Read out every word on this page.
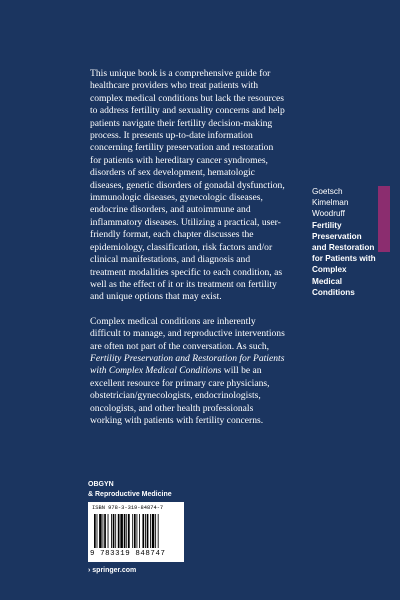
This unique book is a comprehensive guide for healthcare providers who treat patients with complex medical conditions but lack the resources to address fertility and sexuality concerns and help patients navigate their fertility decision-making process. It presents up-to-date information concerning fertility preservation and restoration for patients with hereditary cancer syndromes, disorders of sex development, hematologic diseases, genetic disorders of gonadal dysfunction, immunologic diseases, gynecologic diseases, endocrine disorders, and autoimmune and inflammatory diseases. Utilizing a practical, user-friendly format, each chapter discusses the epidemiology, classification, risk factors and/or clinical manifestations, and diagnosis and treatment modalities specific to each condition, as well as the effect of it or its treatment on fertility and unique options that may exist.

Complex medical conditions are inherently difficult to manage, and reproductive interventions are often not part of the conversation. As such, Fertility Preservation and Restoration for Patients with Complex Medical Conditions will be an excellent resource for primary care physicians, obstetrician/gynecologists, endocrinologists, oncologists, and other health professionals working with patients with fertility concerns.

Goetsch
Kimelman
Woodruff
Fertility Preservation and Restoration for Patients with Complex Medical Conditions
OBGYN
& Reproductive Medicine
ISBN 978-3-319-84874-7
9 783319 848747
› springer.com
